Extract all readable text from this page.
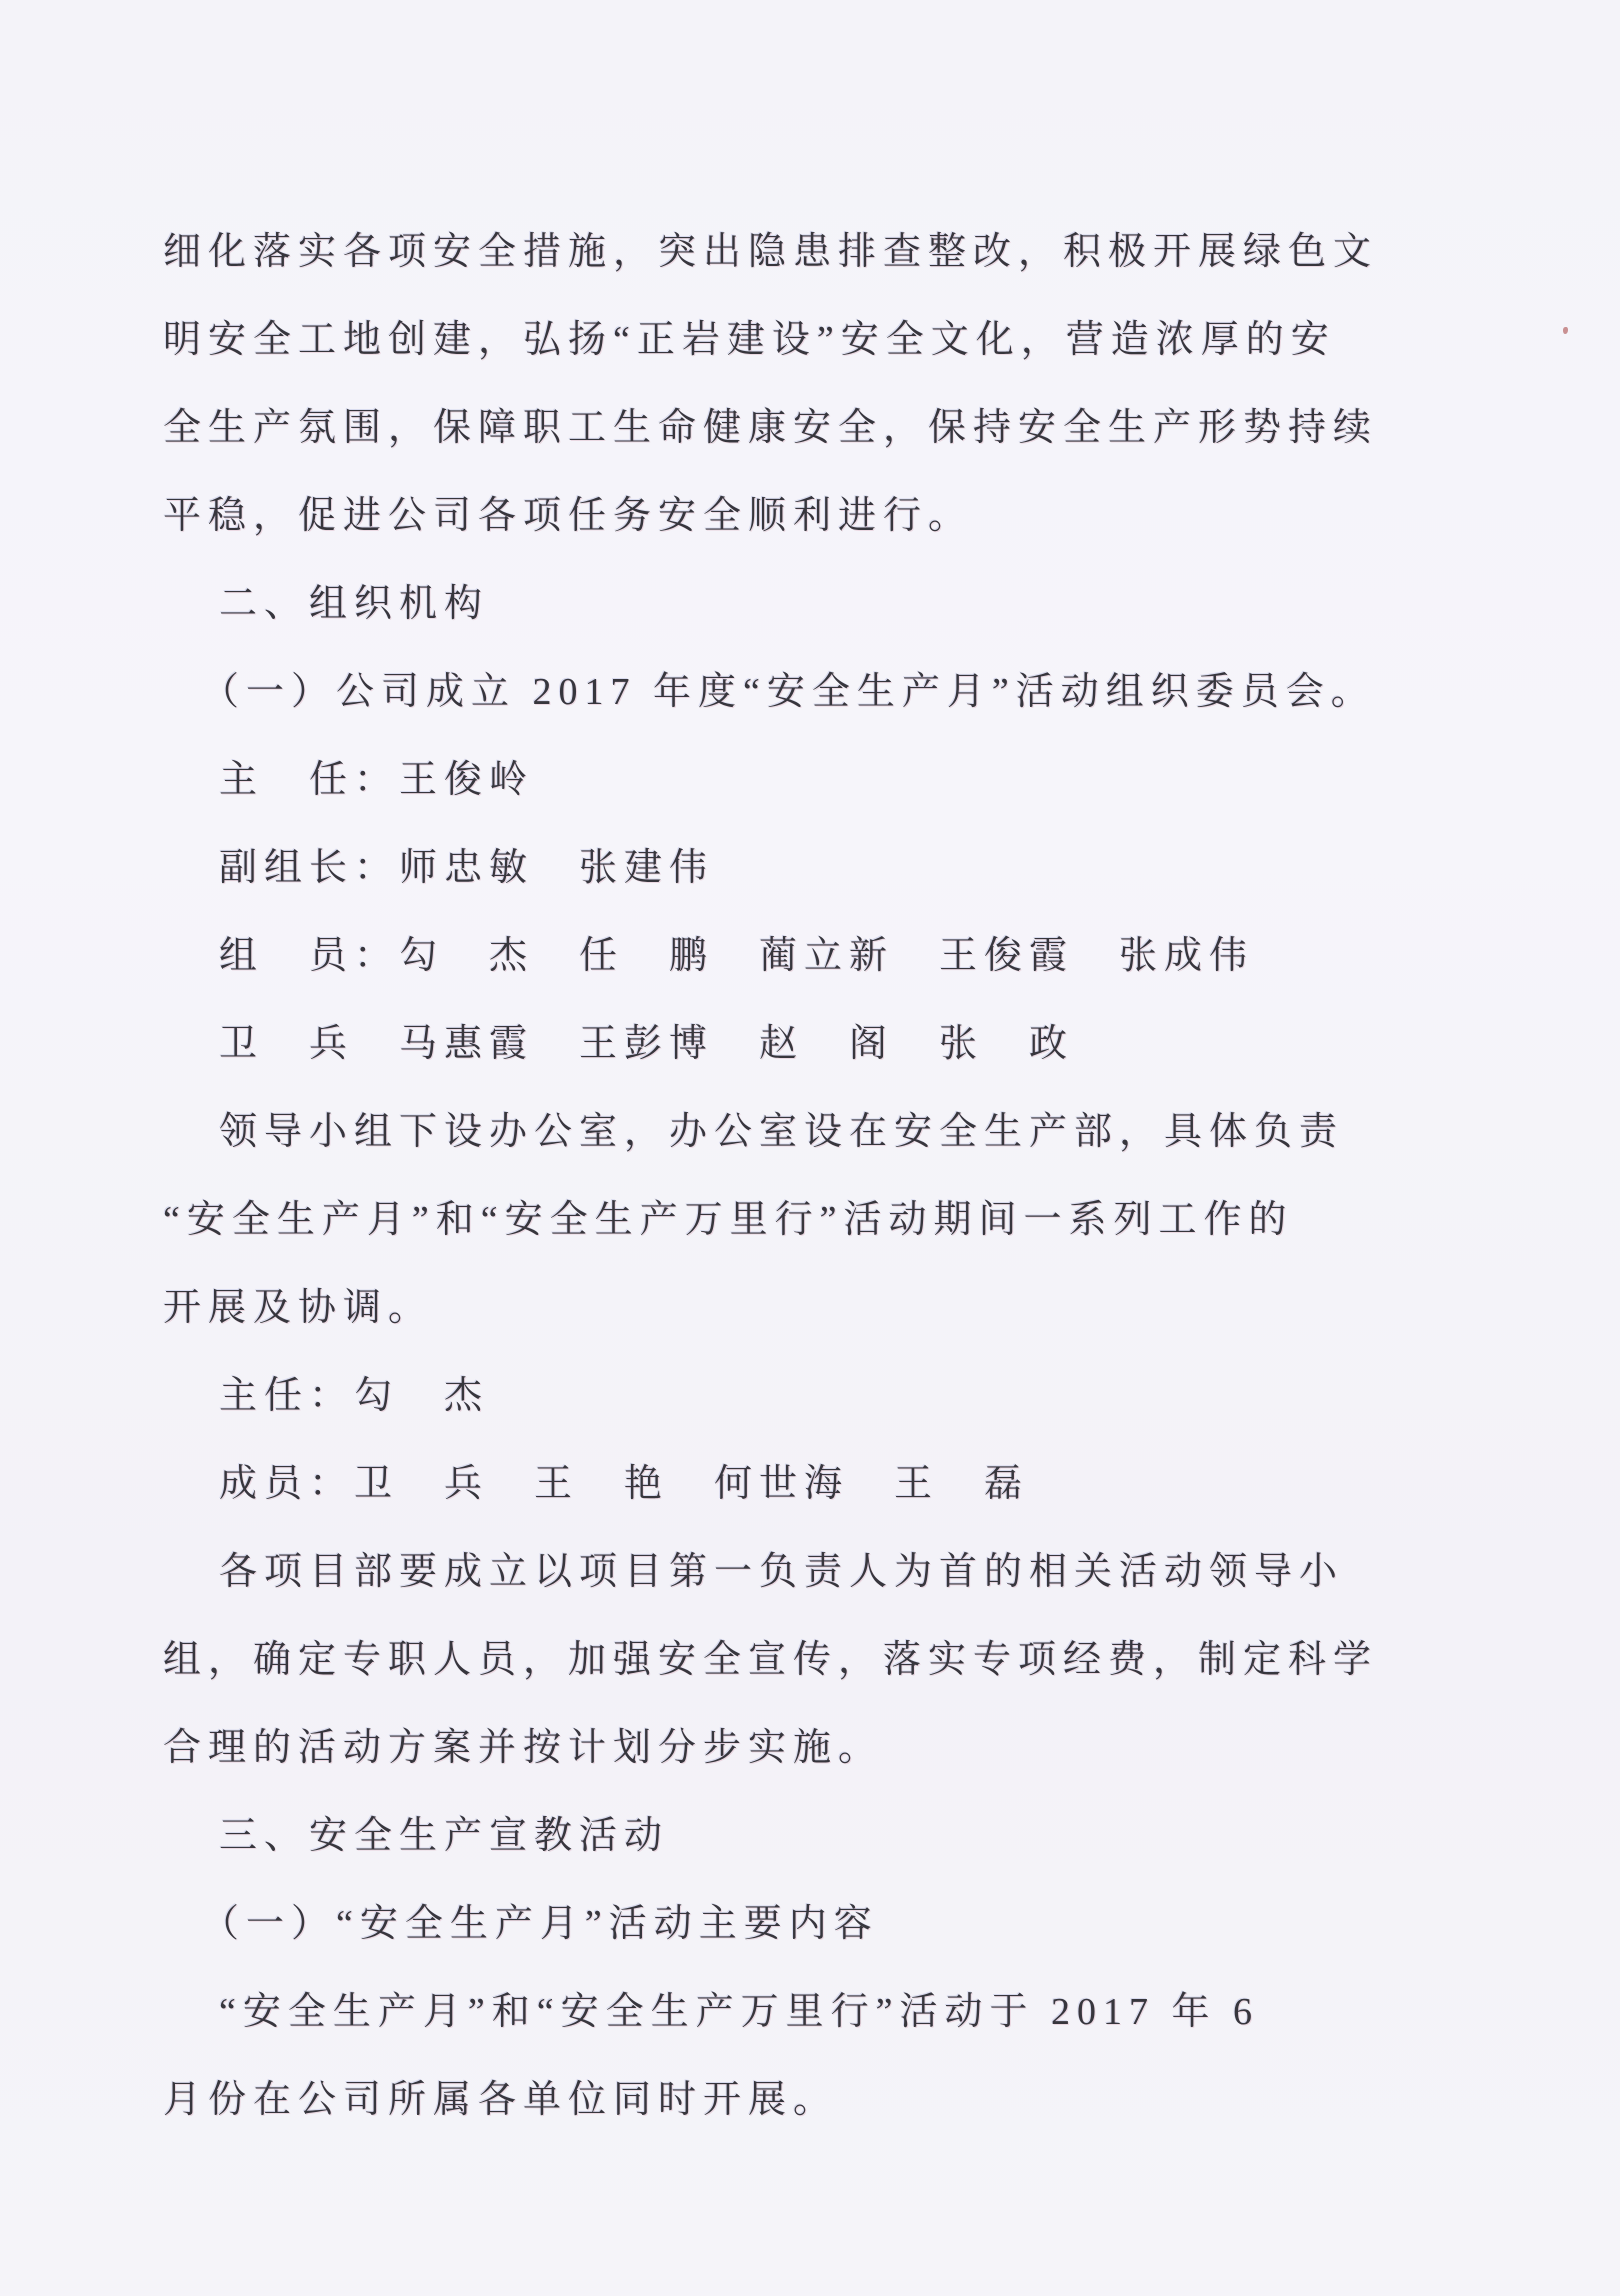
细化落实各项安全措施，突出隐患排查整改，积极开展绿色文
明安全工地创建，弘扬“正岩建设”安全文化，营造浓厚的安
全生产氛围，保障职工生命健康安全，保持安全生产形势持续
平稳，促进公司各项任务安全顺利进行。
二、组织机构
（一）公司成立 2017 年度“安全生产月”活动组织委员会。
主　任：王俊岭
副组长：师忠敏　张建伟
组　员：勾　杰　任　鹏　蔺立新　王俊霞　张成伟
卫　兵　马惠霞　王彭博　赵　阁　张　政
领导小组下设办公室，办公室设在安全生产部，具体负责
“安全生产月”和“安全生产万里行”活动期间一系列工作的
开展及协调。
主任：勾　杰
成员：卫　兵　王　艳　何世海　王　磊
各项目部要成立以项目第一负责人为首的相关活动领导小
组，确定专职人员，加强安全宣传，落实专项经费，制定科学
合理的活动方案并按计划分步实施。
三、安全生产宣教活动
（一）“安全生产月”活动主要内容
“安全生产月”和“安全生产万里行”活动于 2017 年 6
月份在公司所属各单位同时开展。
